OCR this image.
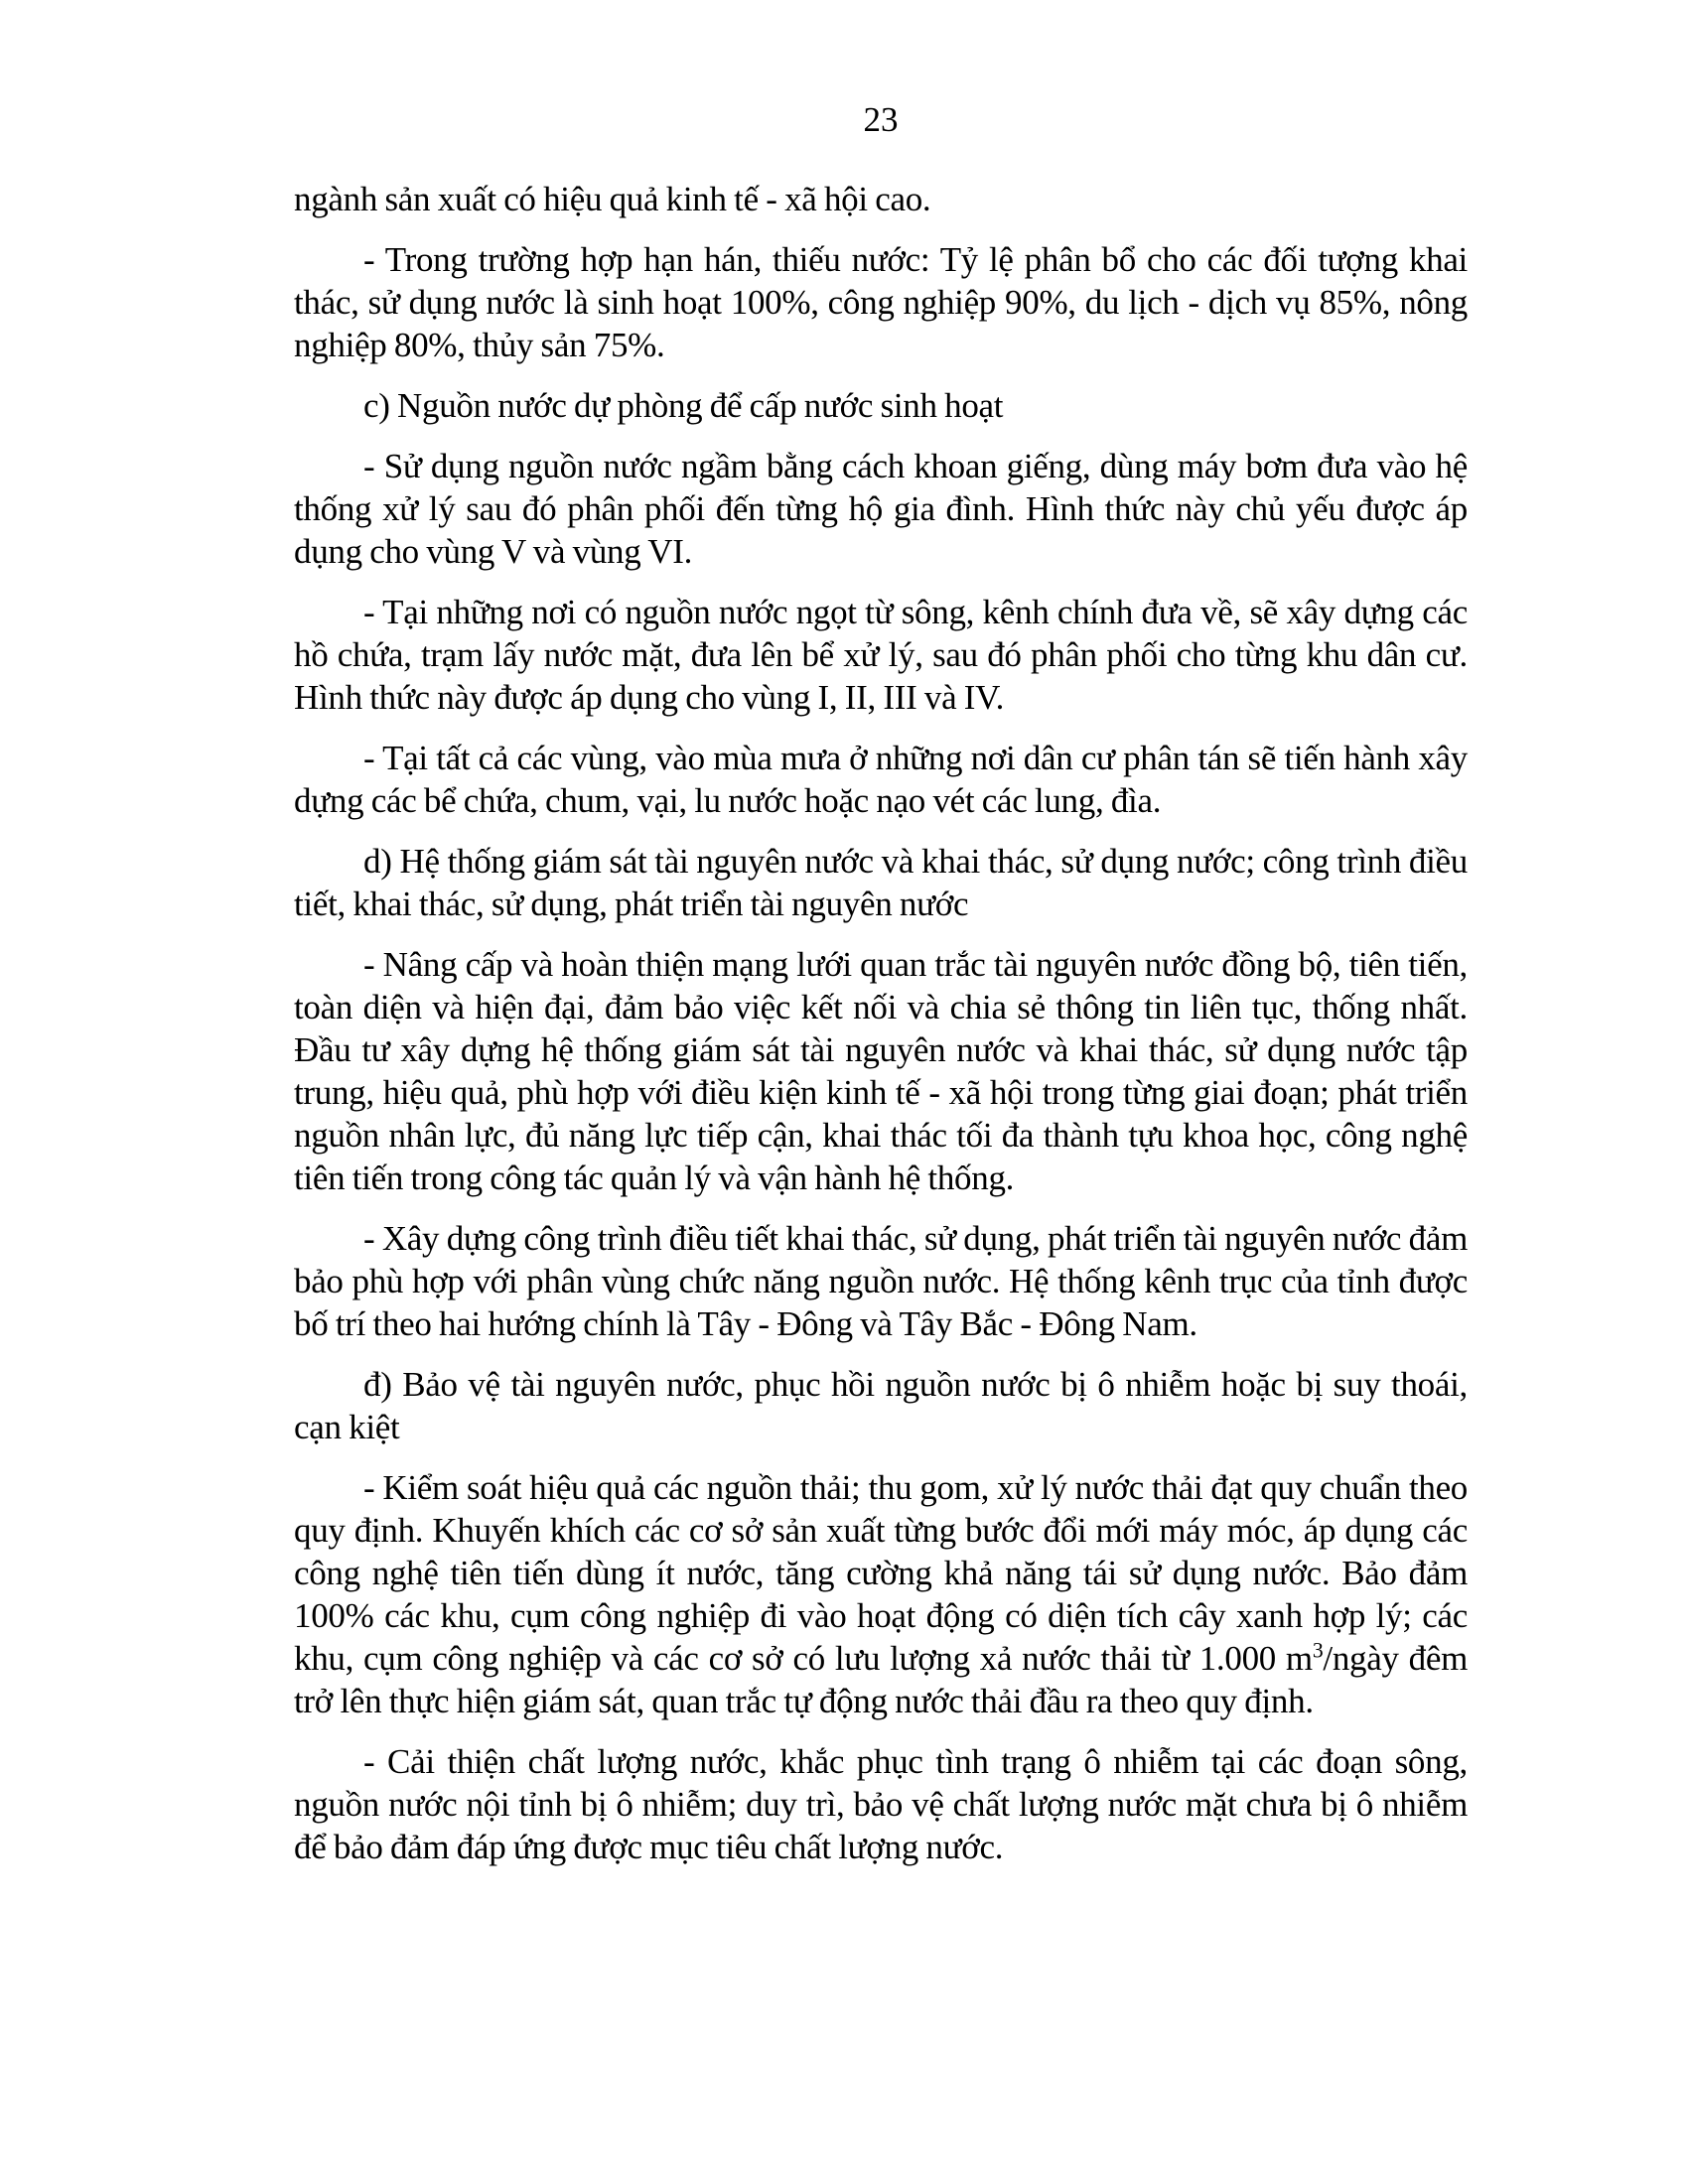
23

ngành sản xuất có hiệu quả kinh tế - xã hội cao.

- Trong trường hợp hạn hán, thiếu nước: Tỷ lệ phân bổ cho các đối tượng khai thác, sử dụng nước là sinh hoạt 100%, công nghiệp 90%, du lịch - dịch vụ 85%, nông nghiệp 80%, thủy sản 75%.

c) Nguồn nước dự phòng để cấp nước sinh hoạt

- Sử dụng nguồn nước ngầm bằng cách khoan giếng, dùng máy bơm đưa vào hệ thống xử lý sau đó phân phối đến từng hộ gia đình. Hình thức này chủ yếu được áp dụng cho vùng V và vùng VI.

- Tại những nơi có nguồn nước ngọt từ sông, kênh chính đưa về, sẽ xây dựng các hồ chứa, trạm lấy nước mặt, đưa lên bể xử lý, sau đó phân phối cho từng khu dân cư. Hình thức này được áp dụng cho vùng I, II, III và IV.

- Tại tất cả các vùng, vào mùa mưa ở những nơi dân cư phân tán sẽ tiến hành xây dựng các bể chứa, chum, vại, lu nước hoặc nạo vét các lung, đìa.

d) Hệ thống giám sát tài nguyên nước và khai thác, sử dụng nước; công trình điều tiết, khai thác, sử dụng, phát triển tài nguyên nước

- Nâng cấp và hoàn thiện mạng lưới quan trắc tài nguyên nước đồng bộ, tiên tiến, toàn diện và hiện đại, đảm bảo việc kết nối và chia sẻ thông tin liên tục, thống nhất. Đầu tư xây dựng hệ thống giám sát tài nguyên nước và khai thác, sử dụng nước tập trung, hiệu quả, phù hợp với điều kiện kinh tế - xã hội trong từng giai đoạn; phát triển nguồn nhân lực, đủ năng lực tiếp cận, khai thác tối đa thành tựu khoa học, công nghệ tiên tiến trong công tác quản lý và vận hành hệ thống.

- Xây dựng công trình điều tiết khai thác, sử dụng, phát triển tài nguyên nước đảm bảo phù hợp với phân vùng chức năng nguồn nước. Hệ thống kênh trục của tỉnh được bố trí theo hai hướng chính là Tây - Đông và Tây Bắc - Đông Nam.

đ) Bảo vệ tài nguyên nước, phục hồi nguồn nước bị ô nhiễm hoặc bị suy thoái, cạn kiệt

- Kiểm soát hiệu quả các nguồn thải; thu gom, xử lý nước thải đạt quy chuẩn theo quy định. Khuyến khích các cơ sở sản xuất từng bước đổi mới máy móc, áp dụng các công nghệ tiên tiến dùng ít nước, tăng cường khả năng tái sử dụng nước. Bảo đảm 100% các khu, cụm công nghiệp đi vào hoạt động có diện tích cây xanh hợp lý; các khu, cụm công nghiệp và các cơ sở có lưu lượng xả nước thải từ 1.000 $m^3$/ngày đêm trở lên thực hiện giám sát, quan trắc tự động nước thải đầu ra theo quy định.

- Cải thiện chất lượng nước, khắc phục tình trạng ô nhiễm tại các đoạn sông, nguồn nước nội tỉnh bị ô nhiễm; duy trì, bảo vệ chất lượng nước mặt chưa bị ô nhiễm để bảo đảm đáp ứng được mục tiêu chất lượng nước.
